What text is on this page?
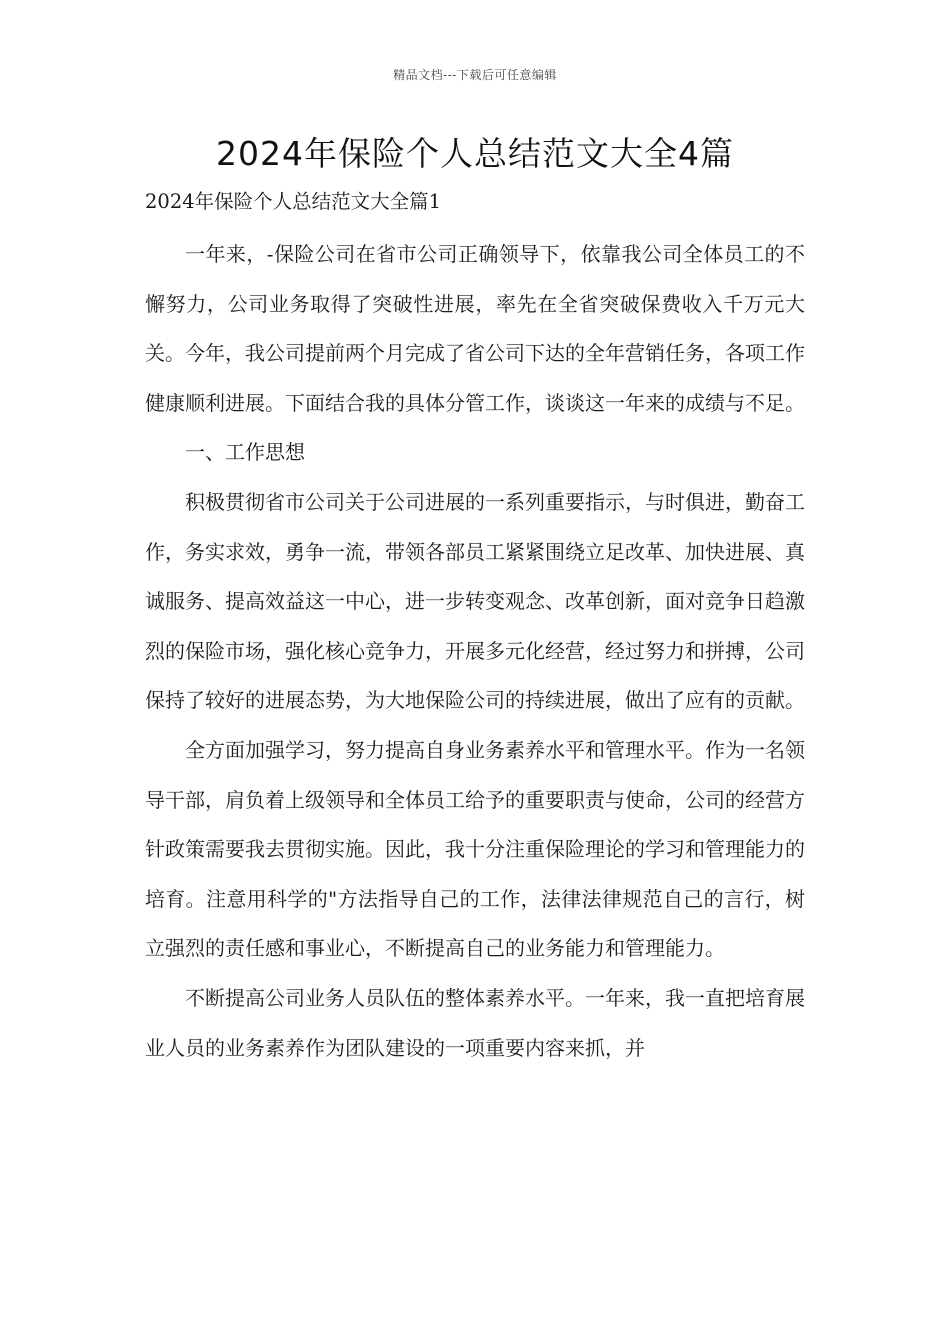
精品文档---下载后可任意编辑
2024年保险个人总结范文大全4篇
2024年保险个人总结范文大全篇1

一年来，-保险公司在省市公司正确领导下，依靠我公司全体员工的不懈努力，公司业务取得了突破性进展，率先在全省突破保费收入千万元大关。今年，我公司提前两个月完成了省公司下达的全年营销任务，各项工作健康顺利进展。下面结合我的具体分管工作，谈谈这一年来的成绩与不足。

一、工作思想

积极贯彻省市公司关于公司进展的一系列重要指示，与时俱进，勤奋工作，务实求效，勇争一流，带领各部员工紧紧围绕立足改革、加快进展、真诚服务、提高效益这一中心，进一步转变观念、改革创新，面对竞争日趋激烈的保险市场，强化核心竞争力，开展多元化经营，经过努力和拼搏，公司保持了较好的进展态势，为大地保险公司的持续进展，做出了应有的贡献。

全方面加强学习，努力提高自身业务素养水平和管理水平。作为一名领导干部，肩负着上级领导和全体员工给予的重要职责与使命，公司的经营方针政策需要我去贯彻实施。因此，我十分注重保险理论的学习和管理能力的培育。注意用科学的"方法指导自己的工作，法律法律规范自己的言行，树立强烈的责任感和事业心，不断提高自己的业务能力和管理能力。

不断提高公司业务人员队伍的整体素养水平。一年来，我一直把培育展业人员的业务素养作为团队建设的一项重要内容来抓，并
